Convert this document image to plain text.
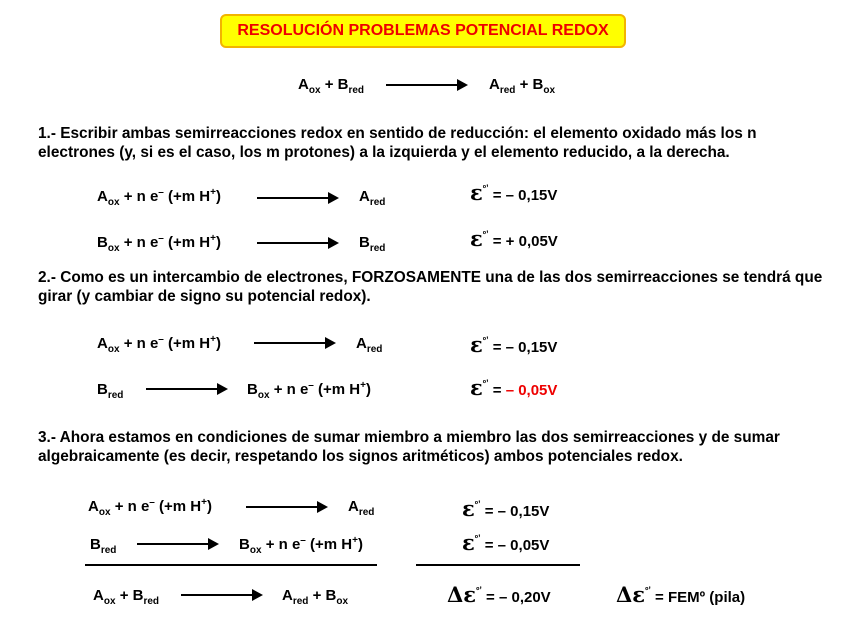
RESOLUCIÓN PROBLEMAS POTENCIAL REDOX
$A_{ox} + B_{red}$	$A_{red} + B_{ox}$
1.- Escribir ambas semirreacciones redox en sentido de reducción: el elemento oxidado más los n electrones (y, si es el caso, los m protones) a la izquierda y el elemento reducido, a la derecha.
$A_{ox} + n$ e– (+m H+)	$A_{red}$	$\varepsilon^{º’}$ = – 0,15V
$B_{ox} + n$ e– (+m H+)	$B_{red}$	$\varepsilon^{º’}$ = + 0,05V
2.- Como es un intercambio de electrones, FORZOSAMENTE una de las dos semirreacciones se tendrá que girar (y cambiar de signo su potencial redox).
$A_{ox} + n$ e– (+m H+)	$A_{red}$	$\varepsilon^{º’}$ = – 0,15V
$B_{red}$	$B_{ox} + n$ e– (+m H+)	$\varepsilon^{º’}$ = – 0,05V
3.- Ahora estamos en condiciones de sumar miembro a miembro las dos semirreacciones y de sumar algebraicamente (es decir, respetando los signos aritméticos) ambos potenciales redox.
$A_{ox} + n$ e– (+m H+)	$A_{red}$	$\varepsilon^{º’}$ = – 0,15V
$B_{red}$	$B_{ox} + n$ e– (+m H+)	$\varepsilon^{º’}$ = – 0,05V
$A_{ox} + B_{red}$	$A_{red} + B_{ox}$	$\Delta\varepsilon^{º’}$ = – 0,20V	$\Delta\varepsilon^{º’}$ = FEMº (pila)
